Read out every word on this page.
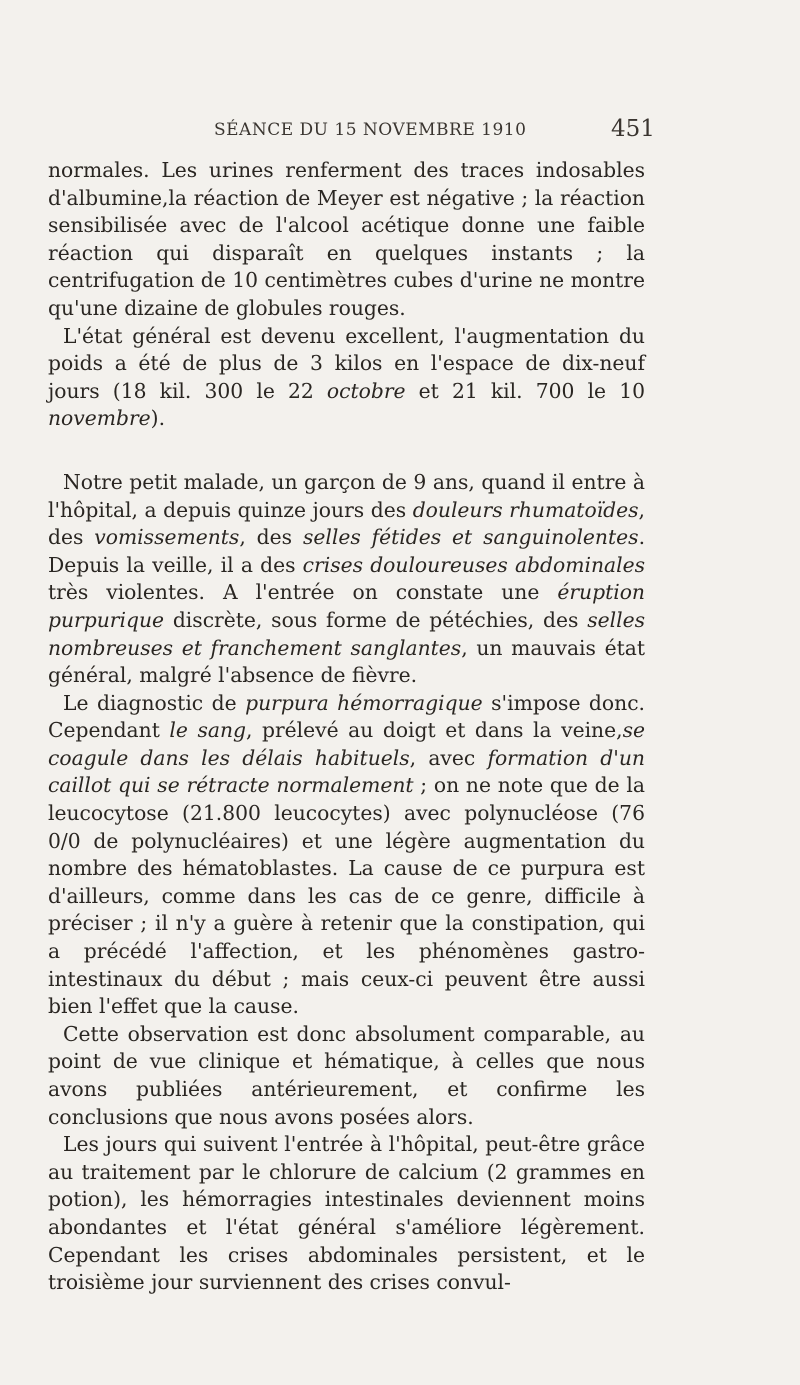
SÉANCE DU 15 NOVEMBRE 1910	451

normales. Les urines renferment des traces indosables d'albumine,la réaction de Meyer est négative ; la réaction sensibilisée avec de l'alcool acétique donne une faible réaction qui disparaît en quelques instants ; la centrifugation de 10 centimètres cubes d'urine ne montre qu'une dizaine de globules rouges.

L'état général est devenu excellent, l'augmentation du poids a été de plus de 3 kilos en l'espace de dix-neuf jours (18 kil. 300 le 22 octobre et 21 kil. 700 le 10 novembre).

Notre petit malade, un garçon de 9 ans, quand il entre à l'hôpital, a depuis quinze jours des douleurs rhumatoïdes, des vomissements, des selles fétides et sanguinolentes. Depuis la veille, il a des crises douloureuses abdominales très violentes. A l'entrée on constate une éruption purpurique discrète, sous forme de pétéchies, des selles nombreuses et franchement sanglantes, un mauvais état général, malgré l'absence de fièvre.

Le diagnostic de purpura hémorragique s'impose donc. Cependant le sang, prélevé au doigt et dans la veine,se coagule dans les délais habituels, avec formation d'un caillot qui se rétracte normalement ; on ne note que de la leucocytose (21.800 leucocytes) avec polynucléose (76 0/0 de polynucléaires) et une légère augmentation du nombre des hématoblastes. La cause de ce purpura est d'ailleurs, comme dans les cas de ce genre, difficile à préciser ; il n'y a guère à retenir que la constipation, qui a précédé l'affection, et les phénomènes gastro-intestinaux du début ; mais ceux-ci peuvent être aussi bien l'effet que la cause.

Cette observation est donc absolument comparable, au point de vue clinique et hématique, à celles que nous avons publiées antérieurement, et confirme les conclusions que nous avons posées alors.

Les jours qui suivent l'entrée à l'hôpital, peut-être grâce au traitement par le chlorure de calcium (2 grammes en potion), les hémorragies intestinales deviennent moins abondantes et l'état général s'améliore légèrement. Cependant les crises abdominales persistent, et le troisième jour surviennent des crises convul-
